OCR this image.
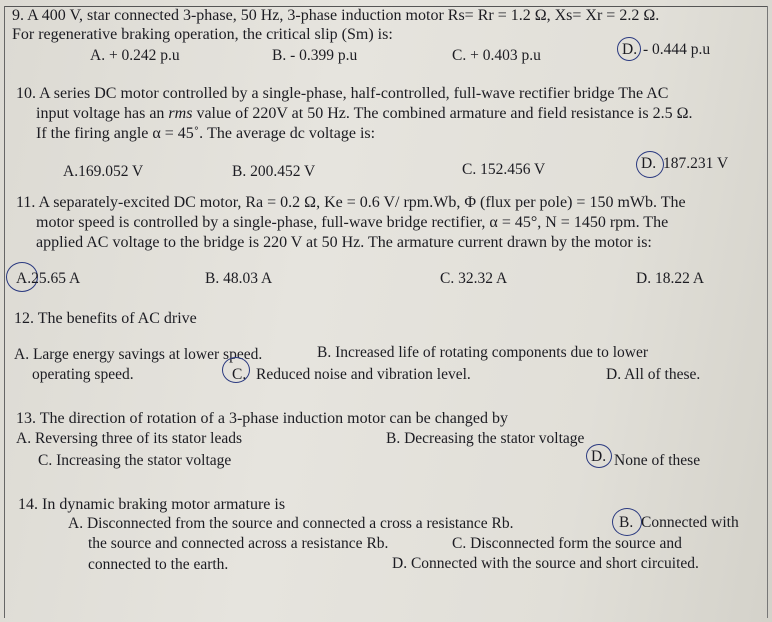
9. A 400 V, star connected 3-phase, 50 Hz, 3-phase induction motor Rs= Rr = 1.2 Ω, Xs= Xr = 2.2 Ω.
For regenerative braking operation, the critical slip (Sm) is:
A. + 0.242 p.u	B. - 0.399 p.u	C. + 0.403 p.u	D. - 0.444 p.u
10. A series DC motor controlled by a single-phase, half-controlled, full-wave rectifier bridge The AC
input voltage has an rms value of 220V at 50 Hz. The combined armature and field resistance is 2.5 Ω.
If the firing angle α = 45˚. The average dc voltage is:
A.169.052 V	B. 200.452 V	C. 152.456 V	D. 187.231 V
11. A separately-excited DC motor, Ra = 0.2 Ω, Ke = 0.6 V/ rpm.Wb, Φ (flux per pole) = 150 mWb. The
motor speed is controlled by a single-phase, full-wave bridge rectifier, α = 45°, N = 1450 rpm. The
applied AC voltage to the bridge is 220 V at 50 Hz. The armature current drawn by the motor is:
A.25.65 A	B. 48.03 A	C. 32.32 A	D. 18.22 A
12. The benefits of AC drive
A. Large energy savings at lower speed.
operating speed.
B. Increased life of rotating components due to lower
C. Reduced noise and vibration level.	D. All of these.
13. The direction of rotation of a 3-phase induction motor can be changed by
A. Reversing three of its stator leads	B. Decreasing the stator voltage
C. Increasing the stator voltage	D. None of these
14. In dynamic braking motor armature is
A. Disconnected from the source and connected a cross a resistance Rb.	B. Connected with
the source and connected across a resistance Rb.	C. Disconnected form the source and
connected to the earth.	D. Connected with the source and short circuited.
